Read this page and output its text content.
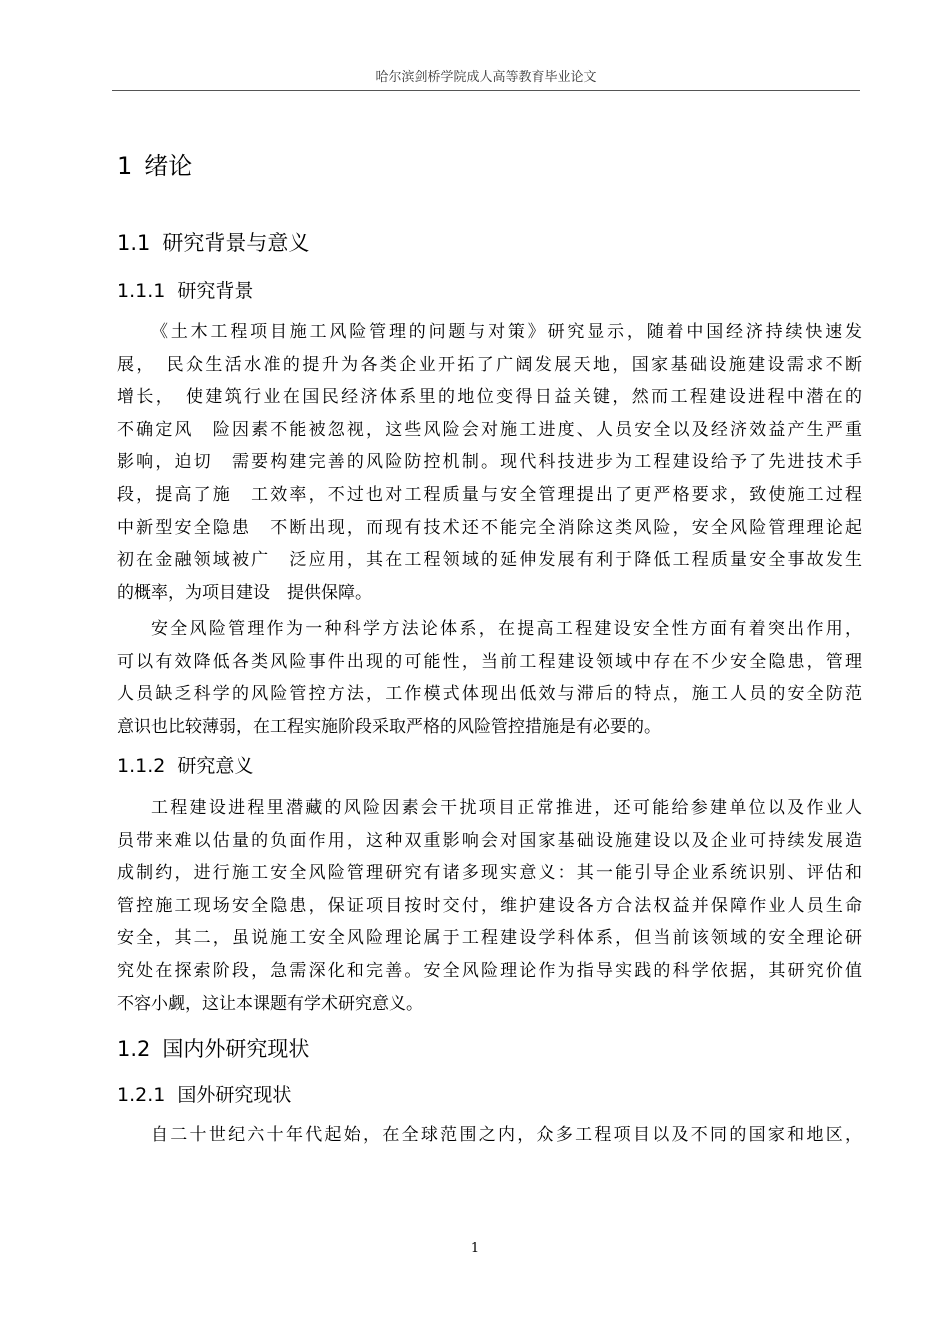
哈尔滨剑桥学院成人高等教育毕业论文
1 绪论
1.1 研究背景与意义
1.1.1 研究背景
《土木工程项目施工风险管理的问题与对策》研究显示，随着中国经济持续快速发
展，　民众生活水准的提升为各类企业开拓了广阔发展天地，国家基础设施建设需求不断
增长，　使建筑行业在国民经济体系里的地位变得日益关键，然而工程建设进程中潜在的
不确定风　险因素不能被忽视，这些风险会对施工进度、人员安全以及经济效益产生严重
影响，迫切　需要构建完善的风险防控机制。现代科技进步为工程建设给予了先进技术手
段，提高了施　工效率，不过也对工程质量与安全管理提出了更严格要求，致使施工过程
中新型安全隐患　不断出现，而现有技术还不能完全消除这类风险，安全风险管理理论起
初在金融领域被广　泛应用，其在工程领域的延伸发展有利于降低工程质量安全事故发生
的概率，为项目建设　提供保障。
安全风险管理作为一种科学方法论体系，在提高工程建设安全性方面有着突出作用，
可以有效降低各类风险事件出现的可能性，当前工程建设领域中存在不少安全隐患，管理
人员缺乏科学的风险管控方法，工作模式体现出低效与滞后的特点，施工人员的安全防范
意识也比较薄弱，在工程实施阶段采取严格的风险管控措施是有必要的。
1.1.2 研究意义
工程建设进程里潜藏的风险因素会干扰项目正常推进，还可能给参建单位以及作业人
员带来难以估量的负面作用，这种双重影响会对国家基础设施建设以及企业可持续发展造
成制约，进行施工安全风险管理研究有诸多现实意义：其一能引导企业系统识别、评估和
管控施工现场安全隐患，保证项目按时交付，维护建设各方合法权益并保障作业人员生命
安全，其二，虽说施工安全风险理论属于工程建设学科体系，但当前该领域的安全理论研
究处在探索阶段，急需深化和完善。安全风险理论作为指导实践的科学依据，其研究价值
不容小觑，这让本课题有学术研究意义。
1.2 国内外研究现状
1.2.1 国外研究现状
自二十世纪六十年代起始，在全球范围之内，众多工程项目以及不同的国家和地区，
1
